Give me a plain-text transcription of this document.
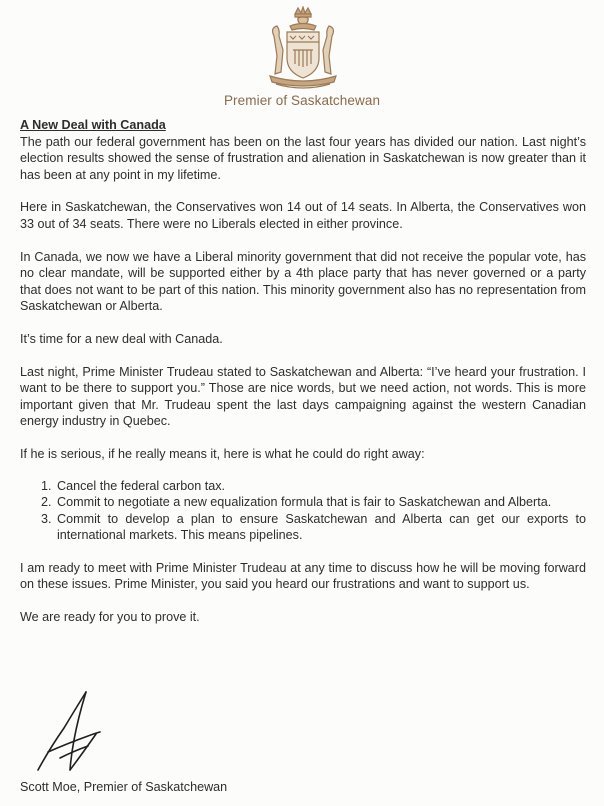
Premier of Saskatchewan

A New Deal with Canada

The path our federal government has been on the last four years has divided our nation. Last night’s election results showed the sense of frustration and alienation in Saskatchewan is now greater than it has been at any point in my lifetime.

Here in Saskatchewan, the Conservatives won 14 out of 14 seats. In Alberta, the Conservatives won 33 out of 34 seats. There were no Liberals elected in either province.

In Canada, we now we have a Liberal minority government that did not receive the popular vote, has no clear mandate, will be supported either by a 4th place party that has never governed or a party that does not want to be part of this nation. This minority government also has no representation from Saskatchewan or Alberta.

It’s time for a new deal with Canada.

Last night, Prime Minister Trudeau stated to Saskatchewan and Alberta: “I’ve heard your frustration. I want to be there to support you.” Those are nice words, but we need action, not words. This is more important given that Mr. Trudeau spent the last days campaigning against the western Canadian energy industry in Quebec.

If he is serious, if he really means it, here is what he could do right away:

1. Cancel the federal carbon tax.
2. Commit to negotiate a new equalization formula that is fair to Saskatchewan and Alberta.
3. Commit to develop a plan to ensure Saskatchewan and Alberta can get our exports to international markets. This means pipelines.

I am ready to meet with Prime Minister Trudeau at any time to discuss how he will be moving forward on these issues. Prime Minister, you said you heard our frustrations and want to support us.

We are ready for you to prove it.

Scott Moe, Premier of Saskatchewan
